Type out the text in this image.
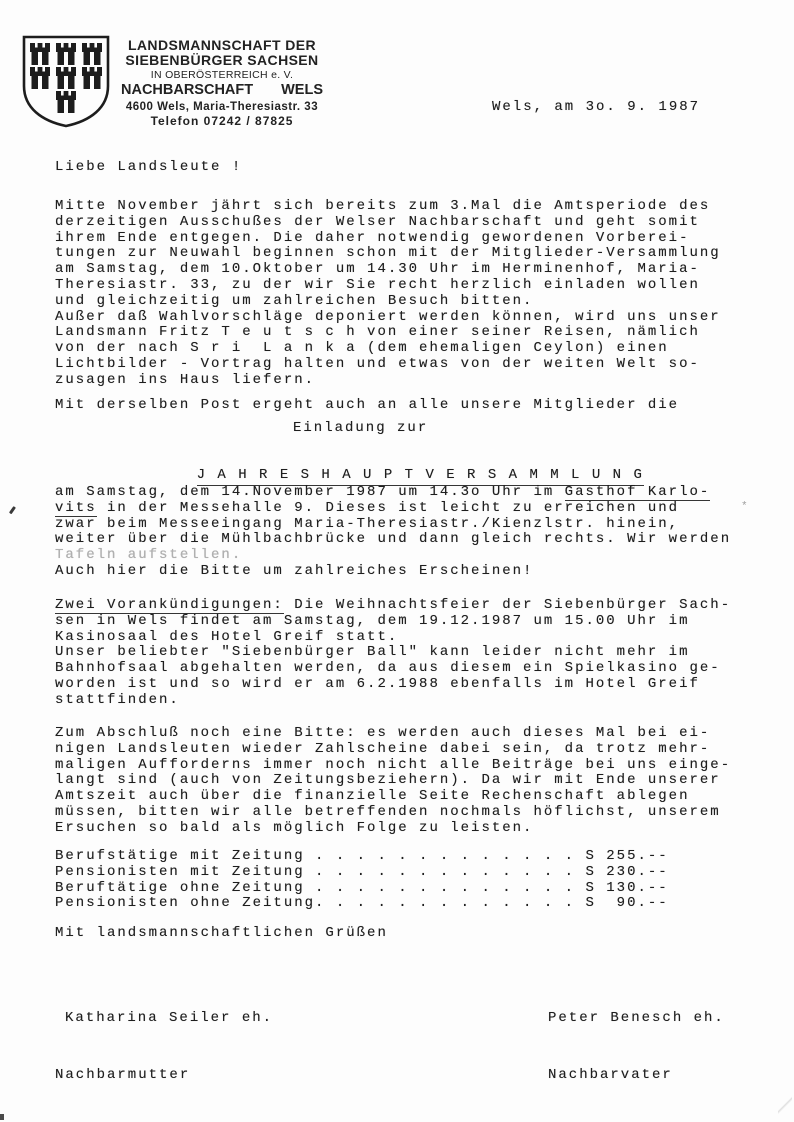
LANDSMANNSCHAFT DER
SIEBENBÜRGER SACHSEN
IN OBERÖSTERREICH e. V.
NACHBARSCHAFT WELS
4600 Wels, Maria-Theresiastr. 33
Telefon 07242 / 87825
Wels, am 3o. 9. 1987
Liebe Landsleute !
Mitte November jährt sich bereits zum 3.Mal die Amtsperiode des
derzeitigen Ausschußes der Welser Nachbarschaft und geht somit
ihrem Ende entgegen. Die daher notwendig gewordenen Vorberei-
tungen zur Neuwahl beginnen schon mit der Mitglieder-Versammlung
am Samstag, dem 10.Oktober um 14.30 Uhr im Herminenhof, Maria-
Theresiastr. 33, zu der wir Sie recht herzlich einladen wollen
und gleichzeitig um zahlreichen Besuch bitten.
Außer daß Wahlvorschläge deponiert werden können, wird uns unser
Landsmann Fritz T e u t s c h von einer seiner Reisen, nämlich
von der nach S r i  L a n k a (dem ehemaligen Ceylon) einen
Lichtbilder - Vortrag halten und etwas von der weiten Welt so-
zusagen ins Haus liefern.
Mit derselben Post ergeht auch an alle unsere Mitglieder die
Einladung zur

J A H R E S H A U P T V E R S A M M L U N G

am Samstag, dem 14.November 1987 um 14.3o Uhr im Gasthof Karlo-
vits in der Messehalle 9. Dieses ist leicht zu erreichen und
zwar beim Messeeingang Maria-Theresiastr./Kienzlstr. hinein,
weiter über die Mühlbachbrücke und dann gleich rechts. Wir werden
Tafeln aufstellen.
Auch hier die Bitte um zahlreiches Erscheinen!
Zwei Vorankündigungen: Die Weihnachtsfeier der Siebenbürger Sach-
sen in Wels findet am Samstag, dem 19.12.1987 um 15.00 Uhr im
Kasinosaal des Hotel Greif statt.
Unser beliebter "Siebenbürger Ball" kann leider nicht mehr im
Bahnhofsaal abgehalten werden, da aus diesem ein Spielkasino ge-
worden ist und so wird er am 6.2.1988 ebenfalls im Hotel Greif
stattfinden.
Zum Abschluß noch eine Bitte: es werden auch dieses Mal bei ei-
nigen Landsleuten wieder Zahlscheine dabei sein, da trotz mehr-
maligen Aufforderns immer noch nicht alle Beiträge bei uns einge-
langt sind (auch von Zeitungsbeziehern). Da wir mit Ende unserer
Amtszeit auch über die finanzielle Seite Rechenschaft ablegen
müssen, bitten wir alle betreffenden nochmals höflichst, unserem
Ersuchen so bald als möglich Folge zu leisten.
Berufstätige mit Zeitung . . . . . . . . . . . . . S 255.--
Pensionisten mit Zeitung . . . . . . . . . . . . . S 230.--
Beruftätige ohne Zeitung . . . . . . . . . . . . . S 130.--
Pensionisten ohne Zeitung. . . . . . . . . . . . . S  90.--
Mit landsmannschaftlichen Grüßen

Katharina Seiler eh.

Nachbarmutter

Peter Benesch eh.

Nachbarvater

*
